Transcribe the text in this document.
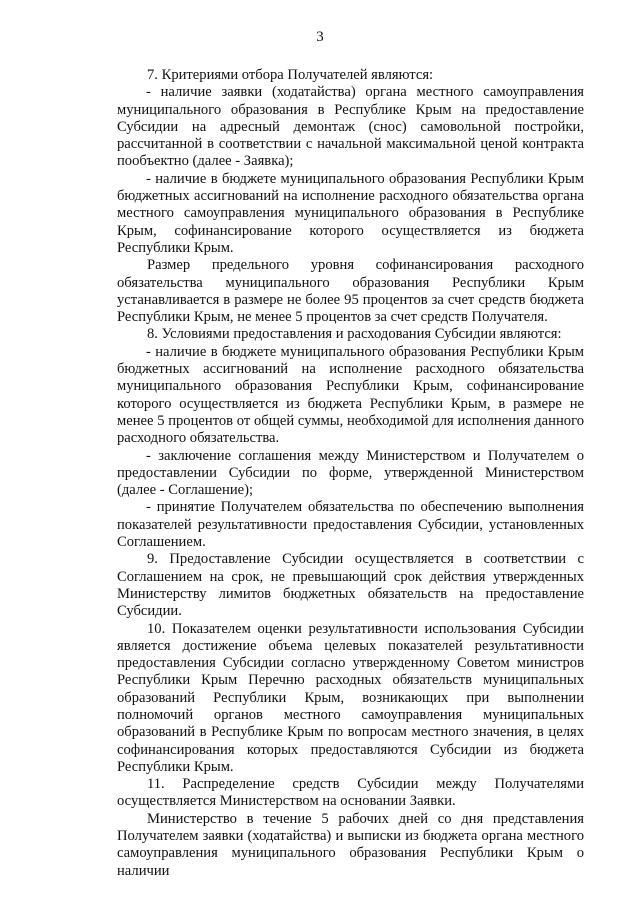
3

7. Критериями отбора Получателей являются:

- наличие заявки (ходатайства) органа местного самоуправления муниципального образования в Республике Крым на предоставление Субсидии на адресный демонтаж (снос) самовольной постройки, рассчитанной в соответствии с начальной максимальной ценой контракта пообъектно (далее - Заявка);

- наличие в бюджете муниципального образования Республики Крым бюджетных ассигнований на исполнение расходного обязательства органа местного самоуправления муниципального образования в Республике Крым, софинансирование которого осуществляется из бюджета Республики Крым.

Размер предельного уровня софинансирования расходного обязательства муниципального образования Республики Крым устанавливается в размере не более 95 процентов за счет средств бюджета Республики Крым, не менее 5 процентов за счет средств Получателя.

8. Условиями предоставления и расходования Субсидии являются:

- наличие в бюджете муниципального образования Республики Крым бюджетных ассигнований на исполнение расходного обязательства муниципального образования Республики Крым, софинансирование которого осуществляется из бюджета Республики Крым, в размере не менее 5 процентов от общей суммы, необходимой для исполнения данного расходного обязательства.

- заключение соглашения между Министерством и Получателем о предоставлении Субсидии по форме, утвержденной Министерством (далее - Соглашение);

- принятие Получателем обязательства по обеспечению выполнения показателей результативности предоставления Субсидии, установленных Соглашением.

9. Предоставление Субсидии осуществляется в соответствии с Соглашением на срок, не превышающий срок действия утвержденных Министерству лимитов бюджетных обязательств на предоставление Субсидии.

10. Показателем оценки результативности использования Субсидии является достижение объема целевых показателей результативности предоставления Субсидии согласно утвержденному Советом министров Республики Крым Перечню расходных обязательств муниципальных образований Республики Крым, возникающих при выполнении полномочий органов местного самоуправления муниципальных образований в Республике Крым по вопросам местного значения, в целях софинансирования которых предоставляются Субсидии из бюджета Республики Крым.

11. Распределение средств Субсидии между Получателями осуществляется Министерством на основании Заявки.

Министерство в течение 5 рабочих дней со дня представления Получателем заявки (ходатайства) и выписки из бюджета органа местного самоуправления муниципального образования Республики Крым о наличии
